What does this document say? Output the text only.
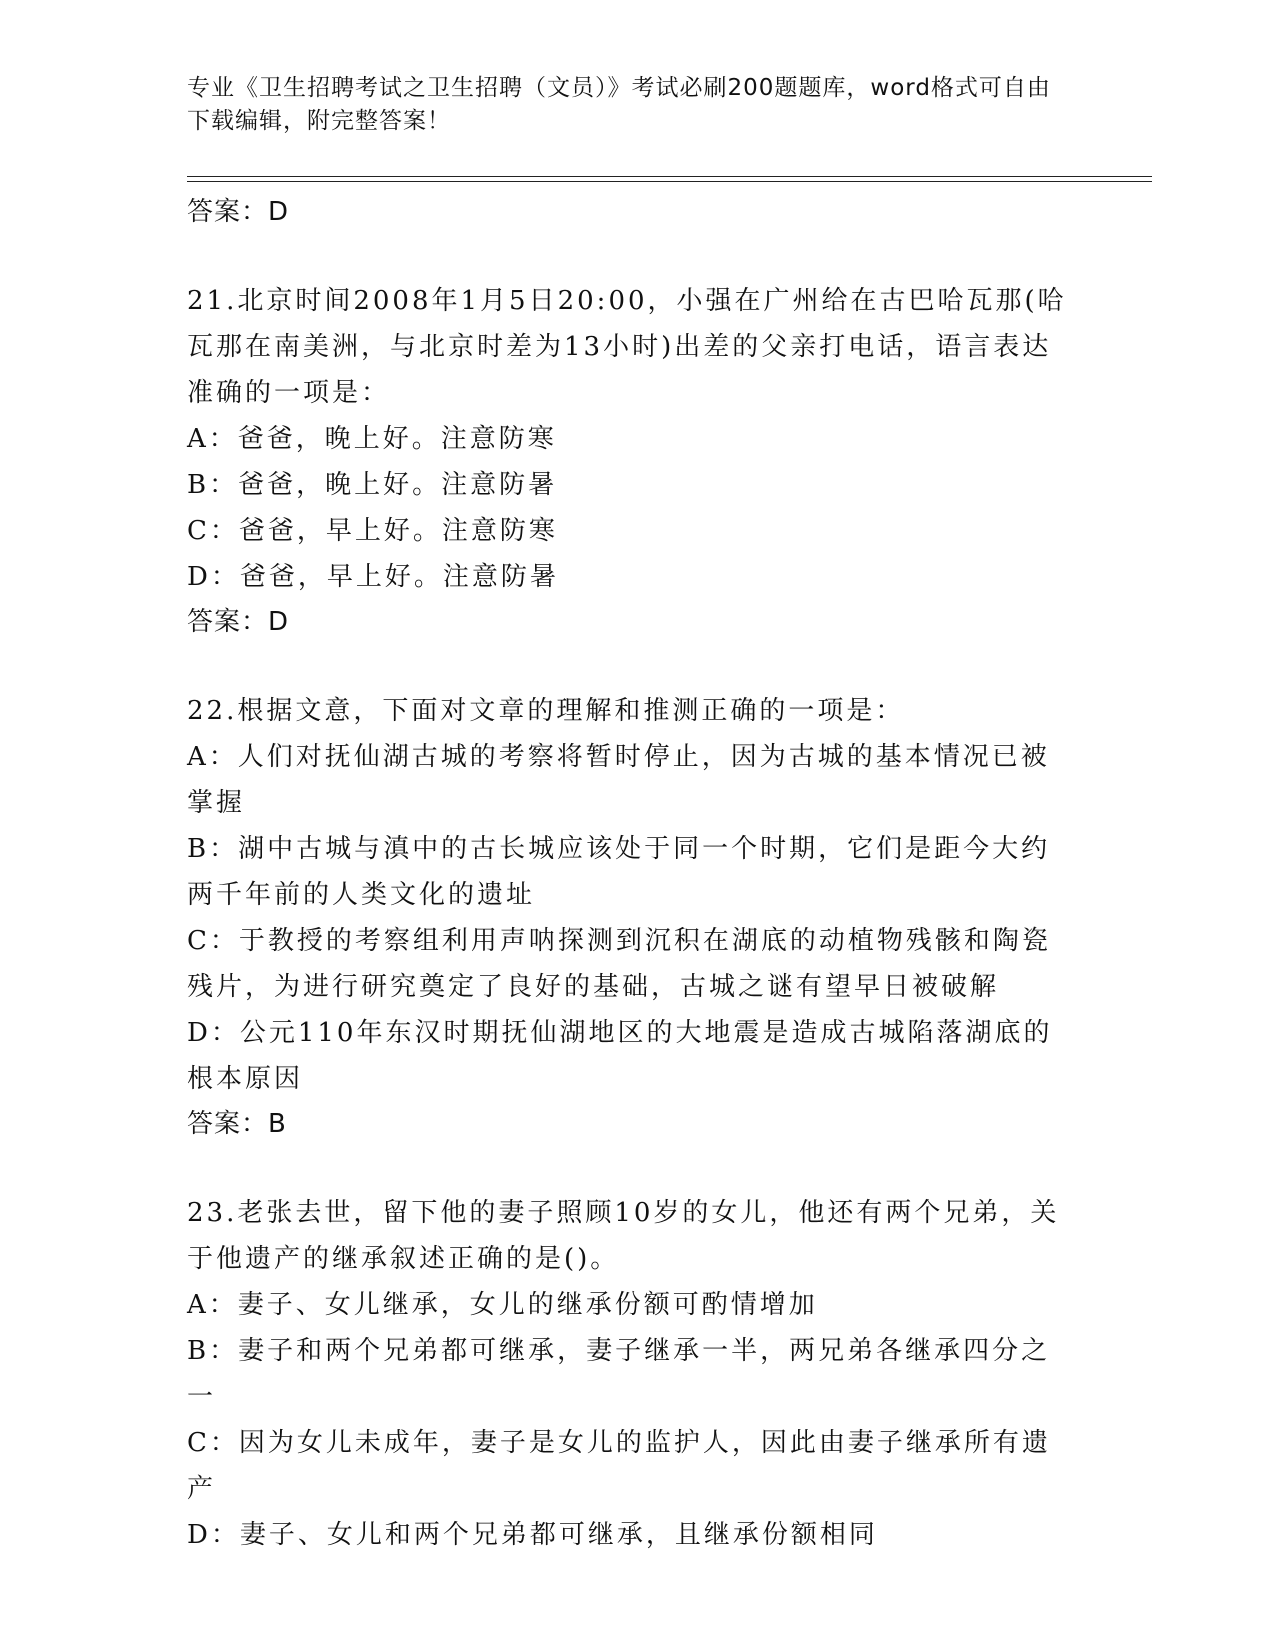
专业《卫生招聘考试之卫生招聘（文员）》考试必刷200题题库，word格式可自由下载编辑，附完整答案！

答案：D

21.北京时间2008年1月5日20:00，小强在广州给在古巴哈瓦那(哈瓦那在南美洲，与北京时差为13小时)出差的父亲打电话，语言表达准确的一项是：

A：爸爸，晚上好。注意防寒

B：爸爸，晚上好。注意防暑

C：爸爸，早上好。注意防寒

D：爸爸，早上好。注意防暑

答案：D

22.根据文意，下面对文章的理解和推测正确的一项是：

A：人们对抚仙湖古城的考察将暂时停止，因为古城的基本情况已被掌握

B：湖中古城与滇中的古长城应该处于同一个时期，它们是距今大约两千年前的人类文化的遗址

C：于教授的考察组利用声呐探测到沉积在湖底的动植物残骸和陶瓷残片，为进行研究奠定了良好的基础，古城之谜有望早日被破解

D：公元110年东汉时期抚仙湖地区的大地震是造成古城陷落湖底的根本原因

答案：B

23.老张去世，留下他的妻子照顾10岁的女儿，他还有两个兄弟，关于他遗产的继承叙述正确的是()。

A：妻子、女儿继承，女儿的继承份额可酌情增加

B：妻子和两个兄弟都可继承，妻子继承一半，两兄弟各继承四分之一

C：因为女儿未成年，妻子是女儿的监护人，因此由妻子继承所有遗产

D：妻子、女儿和两个兄弟都可继承，且继承份额相同
